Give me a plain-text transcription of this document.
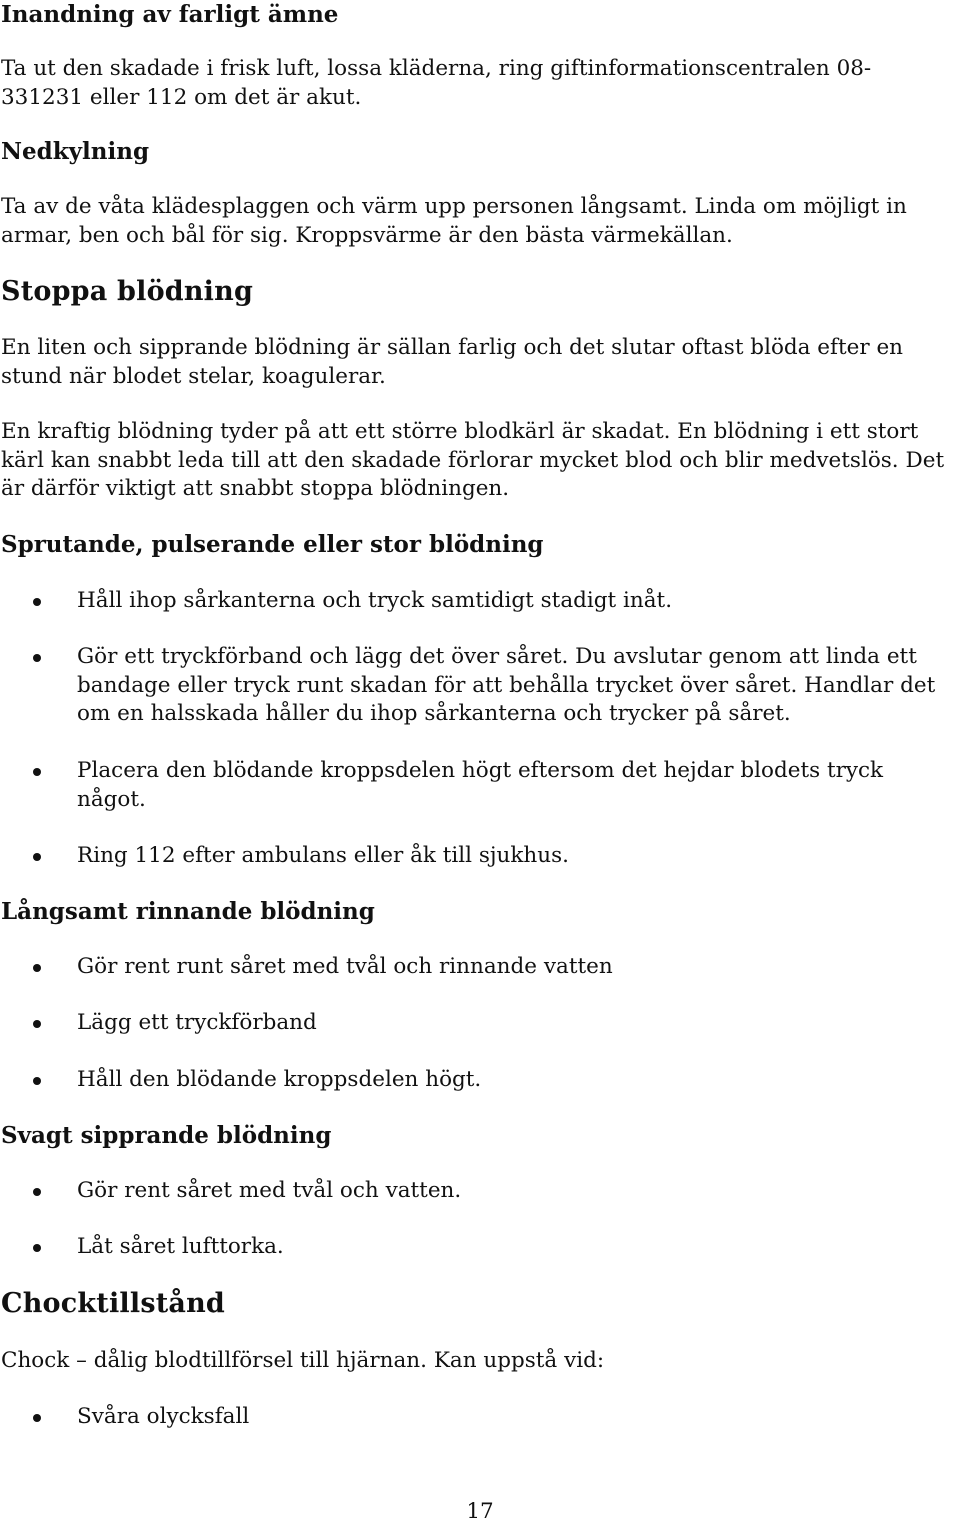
Inandning av farligt ämne

Ta ut den skadade i frisk luft, lossa kläderna, ring giftinformationscentralen 08-331231 eller 112 om det är akut.

Nedkylning

Ta av de våta klädesplaggen och värm upp personen långsamt. Linda om möjligt in armar, ben och bål för sig. Kroppsvärme är den bästa värmekällan.

Stoppa blödning

En liten och sipprande blödning är sällan farlig och det slutar oftast blöda efter en stund när blodet stelar, koagulerar.

En kraftig blödning tyder på att ett större blodkärl är skadat. En blödning i ett stort kärl kan snabbt leda till att den skadade förlorar mycket blod och blir medvetslös. Det är därför viktigt att snabbt stoppa blödningen.

Sprutande, pulserande eller stor blödning

Håll ihop sårkanterna och tryck samtidigt stadigt inåt.

Gör ett tryckförband och lägg det över såret. Du avslutar genom att linda ett bandage eller tryck runt skadan för att behålla trycket över såret. Handlar det om en halsskada håller du ihop sårkanterna och trycker på såret.

Placera den blödande kroppsdelen högt eftersom det hejdar blodets tryck något.

Ring 112 efter ambulans eller åk till sjukhus.

Långsamt rinnande blödning

Gör rent runt såret med tvål och rinnande vatten

Lägg ett tryckförband

Håll den blödande kroppsdelen högt.

Svagt sipprande blödning

Gör rent såret med tvål och vatten.

Låt såret lufttorka.

Chocktillstånd

Chock – dålig blodtillförsel till hjärnan. Kan uppstå vid:

Svåra olycksfall

17
